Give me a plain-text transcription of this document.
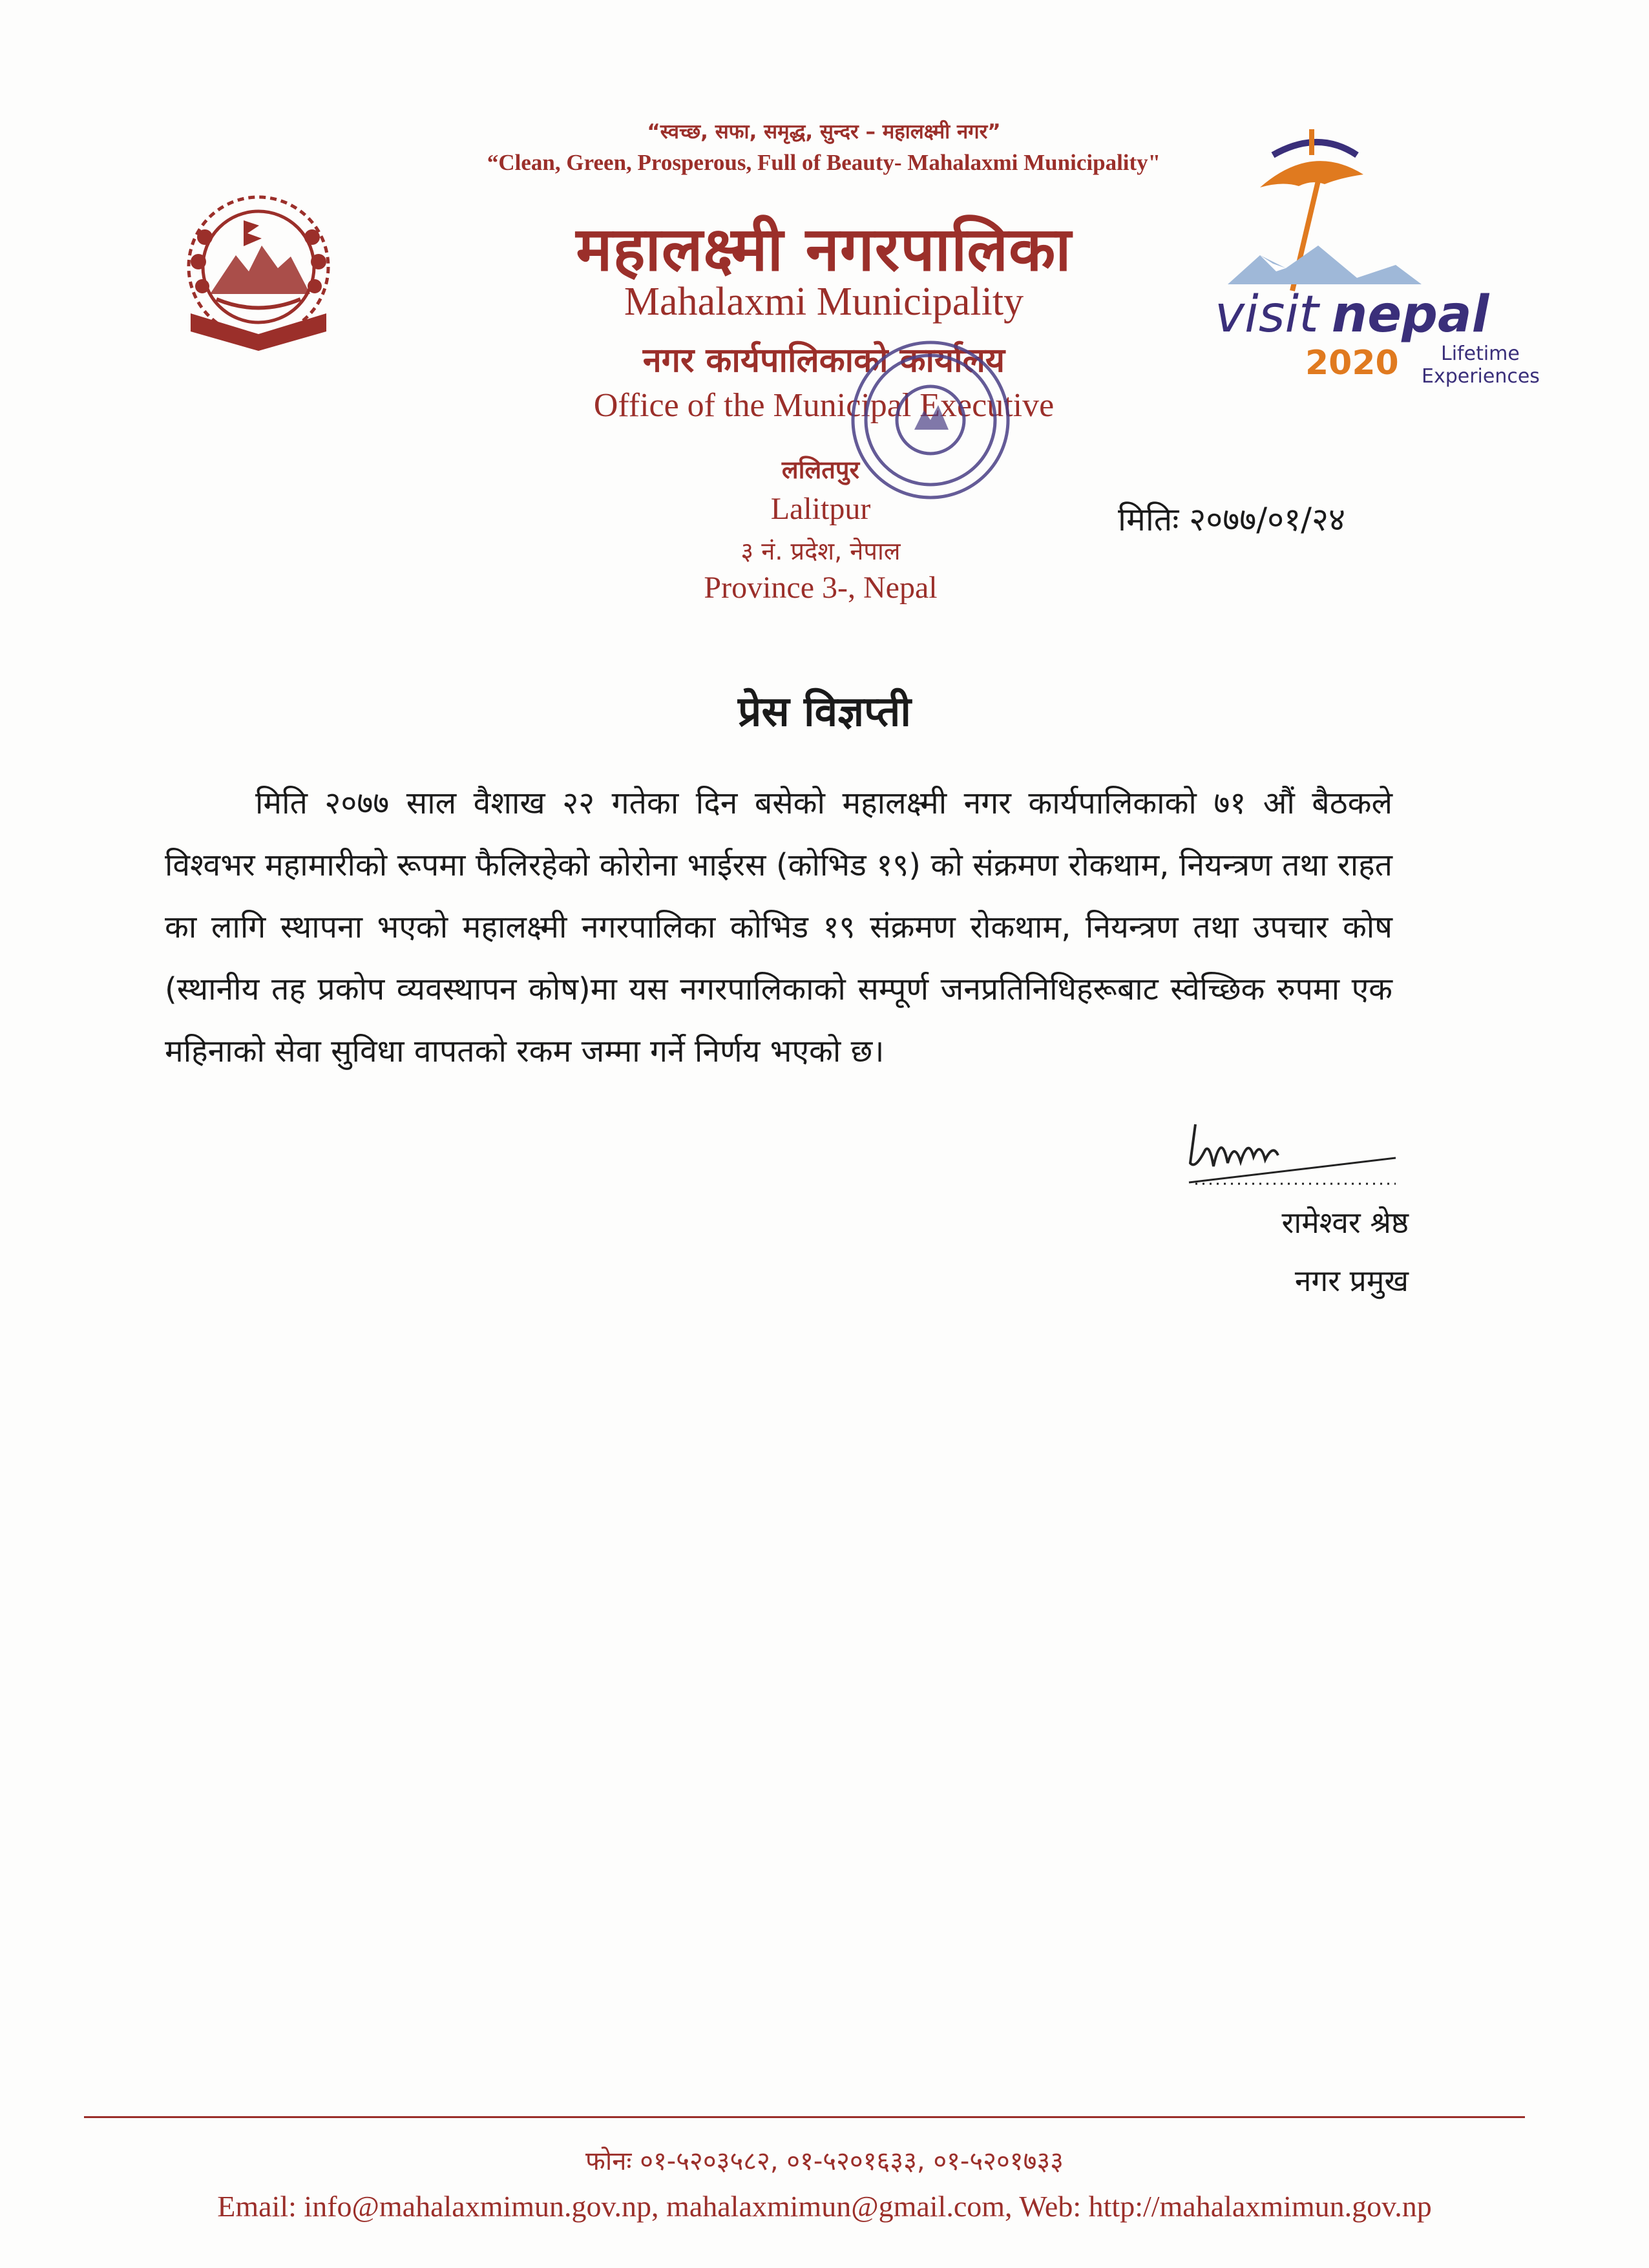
“स्वच्छ, सफा, समृद्ध, सुन्दर – महालक्ष्मी नगर”
“Clean, Green, Prosperous, Full of Beauty- Mahalaxmi Municipality"
महालक्ष्मी नगरपालिका
Mahalaxmi Municipality
नगर कार्यपालिकाको कार्यालय
Office of the Municipal Executive
ललितपुर
Lalitpur
३ नं. प्रदेश, नेपाल
Province 3-, Nepal
visit nepal
2020 Lifetime
Experiences
मितिः २०७७/०१/२४
प्रेस विज्ञप्ती
मिति २०७७ साल वैशाख २२ गतेका दिन बसेको महालक्ष्मी नगर कार्यपालिकाको ७१ औं बैठकले विश्वभर महामारीको रूपमा फैलिरहेको कोरोना भाईरस (कोभिड १९) को संक्रमण रोकथाम, नियन्त्रण तथा राहत का लागि स्थापना भएको महालक्ष्मी नगरपालिका कोभिड १९ संक्रमण रोकथाम, नियन्त्रण तथा उपचार कोष (स्थानीय तह प्रकोप व्यवस्थापन कोष)मा यस नगरपालिकाको सम्पूर्ण जनप्रतिनिधिहरूबाट स्वेच्छिक रुपमा एक महिनाको सेवा सुविधा वापतको रकम जम्मा गर्ने निर्णय भएको छ।
रामेश्वर श्रेष्ठ
नगर प्रमुख
फोनः ०१-५२०३५८२, ०१-५२०१६३३, ०१-५२०१७३३
Email: info@mahalaxmimun.gov.np, mahalaxmimun@gmail.com, Web: http://mahalaxmimun.gov.np
